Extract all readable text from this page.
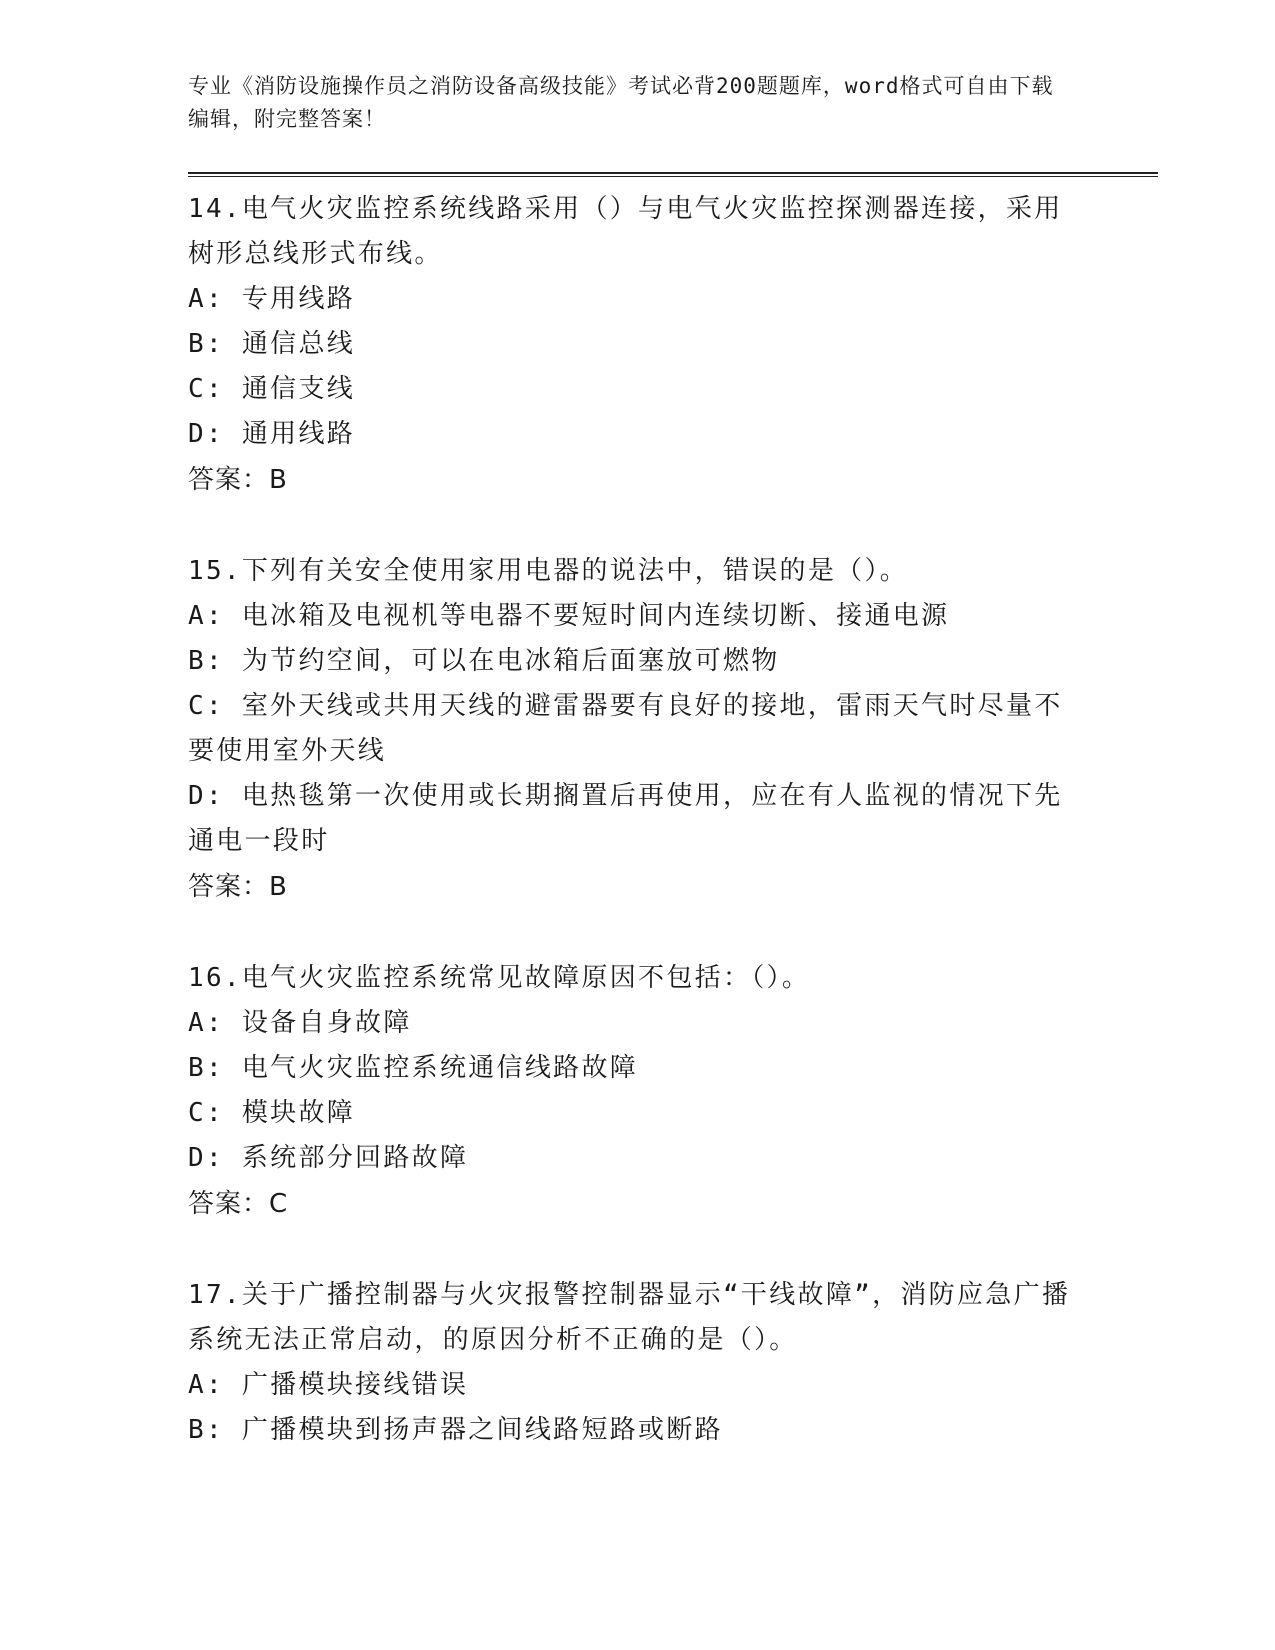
专业《消防设施操作员之消防设备高级技能》考试必背200题题库，word格式可自由下载编辑，附完整答案！

14.电气火灾监控系统线路采用（）与电气火灾监控探测器连接，采用树形总线形式布线。

A: 专用线路

B: 通信总线

C: 通信支线

D: 通用线路

答案：B

15.下列有关安全使用家用电器的说法中，错误的是（）。

A: 电冰箱及电视机等电器不要短时间内连续切断、接通电源

B: 为节约空间，可以在电冰箱后面塞放可燃物

C: 室外天线或共用天线的避雷器要有良好的接地，雷雨天气时尽量不要使用室外天线

D: 电热毯第一次使用或长期搁置后再使用，应在有人监视的情况下先通电一段时

答案：B

16.电气火灾监控系统常见故障原因不包括：（）。

A: 设备自身故障

B: 电气火灾监控系统通信线路故障

C: 模块故障

D: 系统部分回路故障

答案：C

17.关于广播控制器与火灾报警控制器显示“干线故障”，消防应急广播系统无法正常启动，的原因分析不正确的是（）。

A: 广播模块接线错误

B: 广播模块到扬声器之间线路短路或断路
